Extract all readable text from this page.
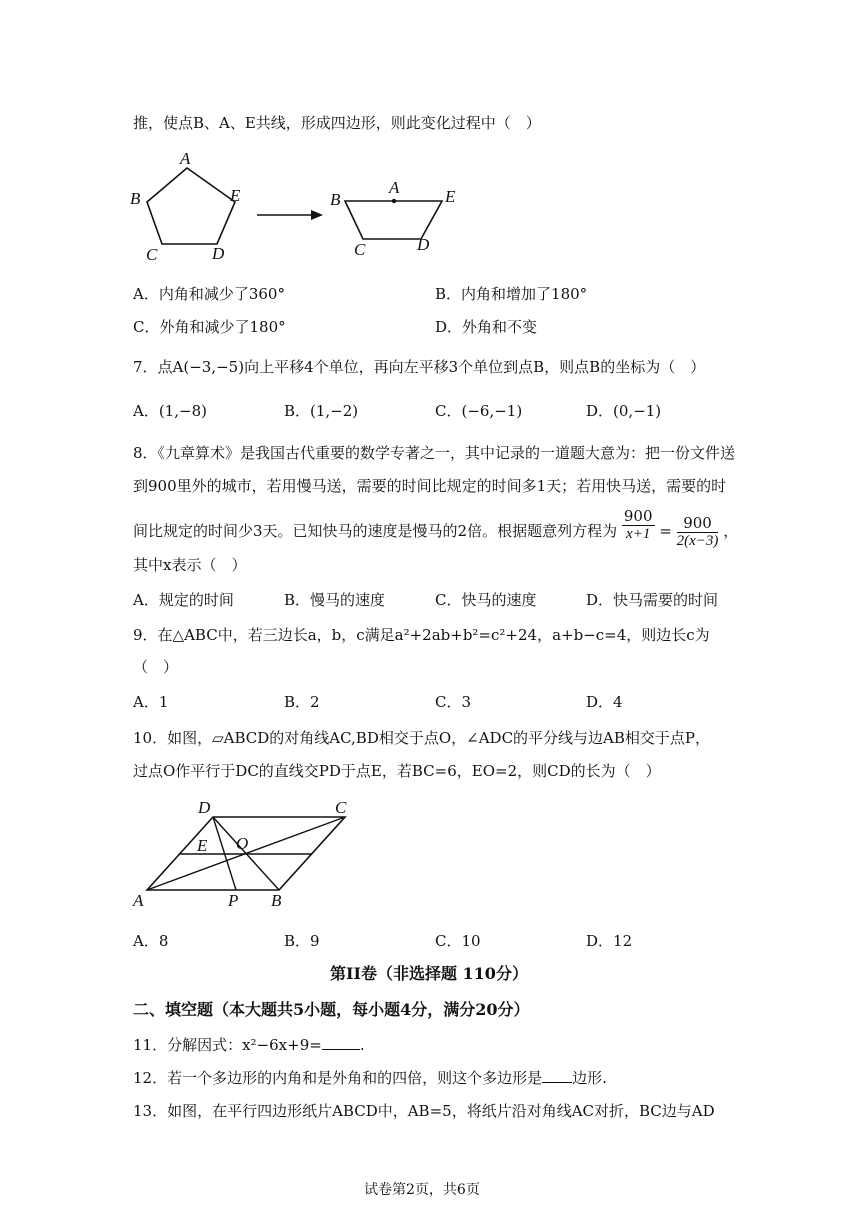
推，使点B、A、E共线，形成四边形，则此变化过程中（　）
A
B	E
C	D
B
A	E
C	D
A．内角和减少了360°	B．内角和增加了180°
C．外角和减少了180°	D．外角和不变
7．点A(−3,−5)向上平移4个单位，再向左平移3个单位到点B，则点B的坐标为（　）
A．(1,−8)	B．(1,−2)	C．(−6,−1)	D．(0,−1)
8．《九章算术》是我国古代重要的数学专著之一，其中记录的一道题大意为：把一份文件送
到900里外的城市，若用慢马送，需要的时间比规定的时间多1天；若用快马送，需要的时
间比规定的时间少3天。已知快马的速度是慢马的2倍。根据题意列方程为 $\frac{900}{x+1} = \frac{900}{2(x-3)}$ ，
其中x表示（　）
A．规定的时间	B．慢马的速度	C．快马的速度	D．快马需要的时间
9．在△ABC中，若三边长a，b，c满足a²+2ab+b²=c²+24，a+b−c=4，则边长c为
（　）
A．1	B．2	C．3	D．4
10．如图，▱ABCD的对角线AC,BD相交于点O，∠ADC的平分线与边AB相交于点P，
过点O作平行于DC的直线交PD于点E，若BC=6，EO=2，则CD的长为（　）
D	C
E O
A	P B
A．8	B．9	C．10	D．12
第II卷（非选择题 110分）
二、填空题（本大题共5小题，每小题4分，满分20分）
11．分解因式：x²−6x+9=	.
12．若一个多边形的内角和是外角和的四倍，则这个多边形是 边形.
13．如图，在平行四边形纸片ABCD中，AB=5，将纸片沿对角线AC对折，BC边与AD
试卷第2页，共6页
